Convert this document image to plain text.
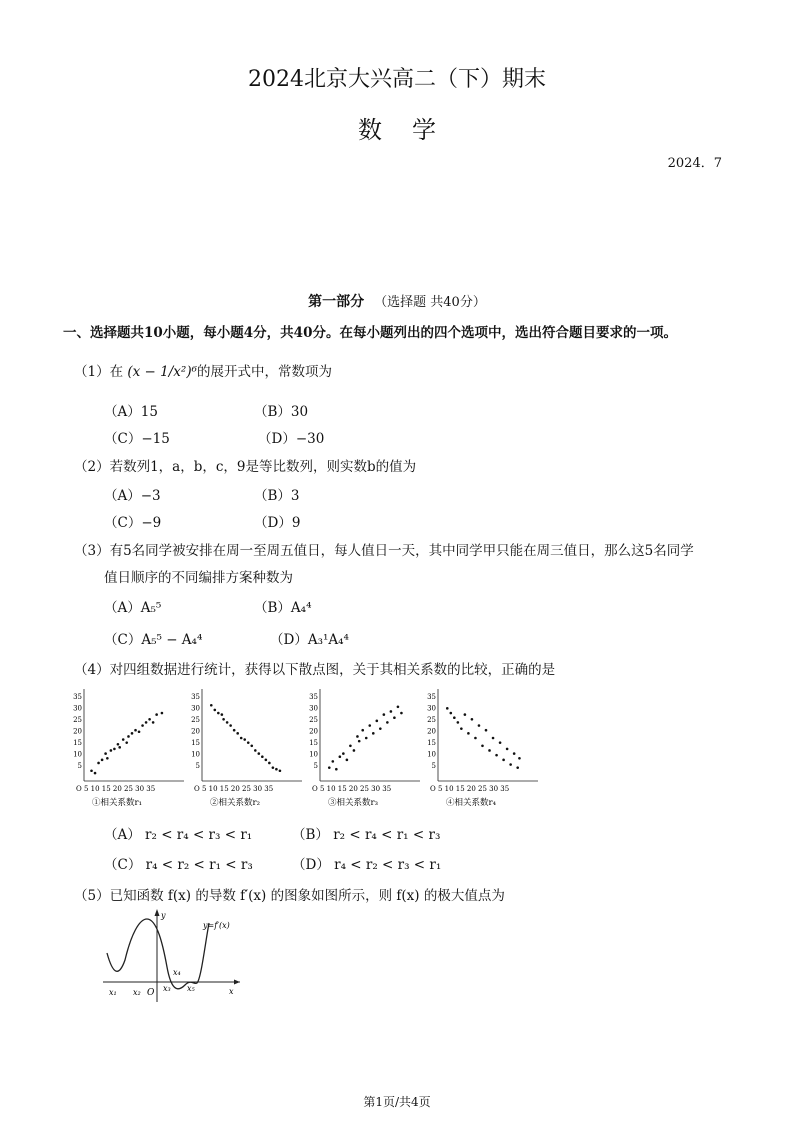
2024北京大兴高二（下）期末
数学
2024．7
第一部分 （选择题 共40分）
一、选择题共10小题，每小题4分，共40分。在每小题列出的四个选项中，选出符合题目要求的一项。
（1）在 (x − 1/x²)⁶的展开式中，常数项为
（A）15	（B）30
（C）−15	（D）−30
（2）若数列1，a，b，c，9是等比数列，则实数b的值为
（A）−3	（B）3
（C）−9	（D）9
（3）有5名同学被安排在周一至周五值日，每人值日一天，其中同学甲只能在周三值日，那么这5名同学
值日顺序的不同编排方案种数为
（A）A₅⁵	（B）A₄⁴
（C）A₅⁵ − A₄⁴	（D）A₃¹A₄⁴
（4）对四组数据进行统计，获得以下散点图，关于其相关系数的比较，正确的是
35
30
25
20
15
10
5
O 5 10 15 20 25 30 35
①相关系数r₁
35
30
25
20
15
10
5
O 5 10 15 20 25 30 35
②相关系数r₂
35
30
25
20
15
10
5
O 5 10 15 20 25 30 35
③相关系数r₃
35
30
25
20
15
10
5
O 5 10 15 20 25 30 35
④相关系数r₄
（A） r₂ < r₄ < r₃ < r₁	（B） r₂ < r₄ < r₁ < r₃
（C） r₄ < r₂ < r₁ < r₃	（D） r₄ < r₂ < r₃ < r₁
（5）已知函数 f(x) 的导数 f′(x) 的图象如图所示，则 f(x) 的极大值点为
y=f′(x)
y
x
O
x₁ x₂	x₃
x₄
x₅
第1页/共4页
